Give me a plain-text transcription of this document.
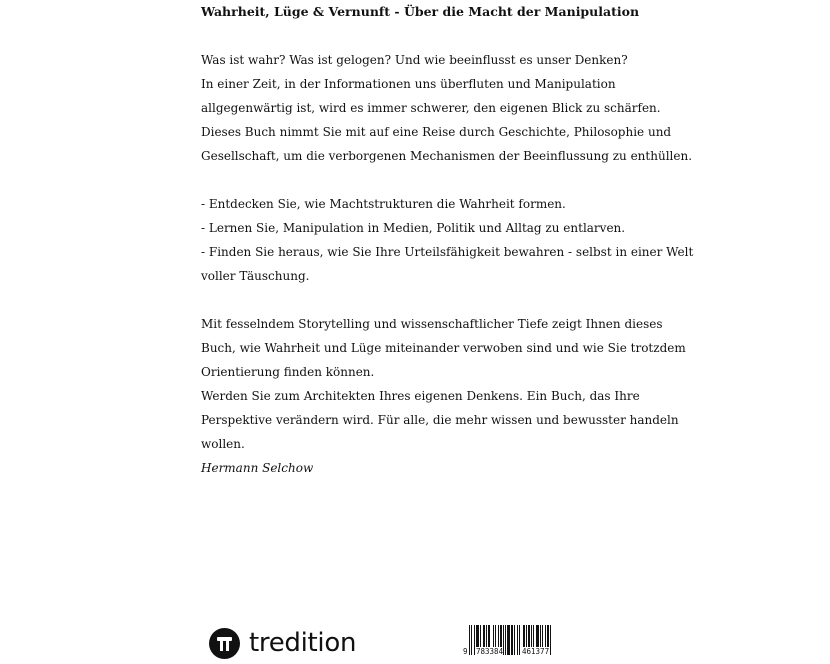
Wahrheit, Lüge & Vernunft - Über die Macht der Manipulation
Was ist wahr? Was ist gelogen? Und wie beeinflusst es unser Denken?
In einer Zeit, in der Informationen uns überfluten und Manipulation
allgegenwärtig ist, wird es immer schwerer, den eigenen Blick zu schärfen.
Dieses Buch nimmt Sie mit auf eine Reise durch Geschichte, Philosophie und
Gesellschaft, um die verborgenen Mechanismen der Beeinflussung zu enthüllen.
- Entdecken Sie, wie Machtstrukturen die Wahrheit formen.
- Lernen Sie, Manipulation in Medien, Politik und Alltag zu entlarven.
- Finden Sie heraus, wie Sie Ihre Urteilsfähigkeit bewahren - selbst in einer Welt
voller Täuschung.
Mit fesselndem Storytelling und wissenschaftlicher Tiefe zeigt Ihnen dieses
Buch, wie Wahrheit und Lüge miteinander verwoben sind und wie Sie trotzdem
Orientierung finden können.
Werden Sie zum Architekten Ihres eigenen Denkens. Ein Buch, das Ihre
Perspektive verändern wird. Für alle, die mehr wissen und bewusster handeln
wollen.
Hermann Selchow
tredition	9 783384	461377
